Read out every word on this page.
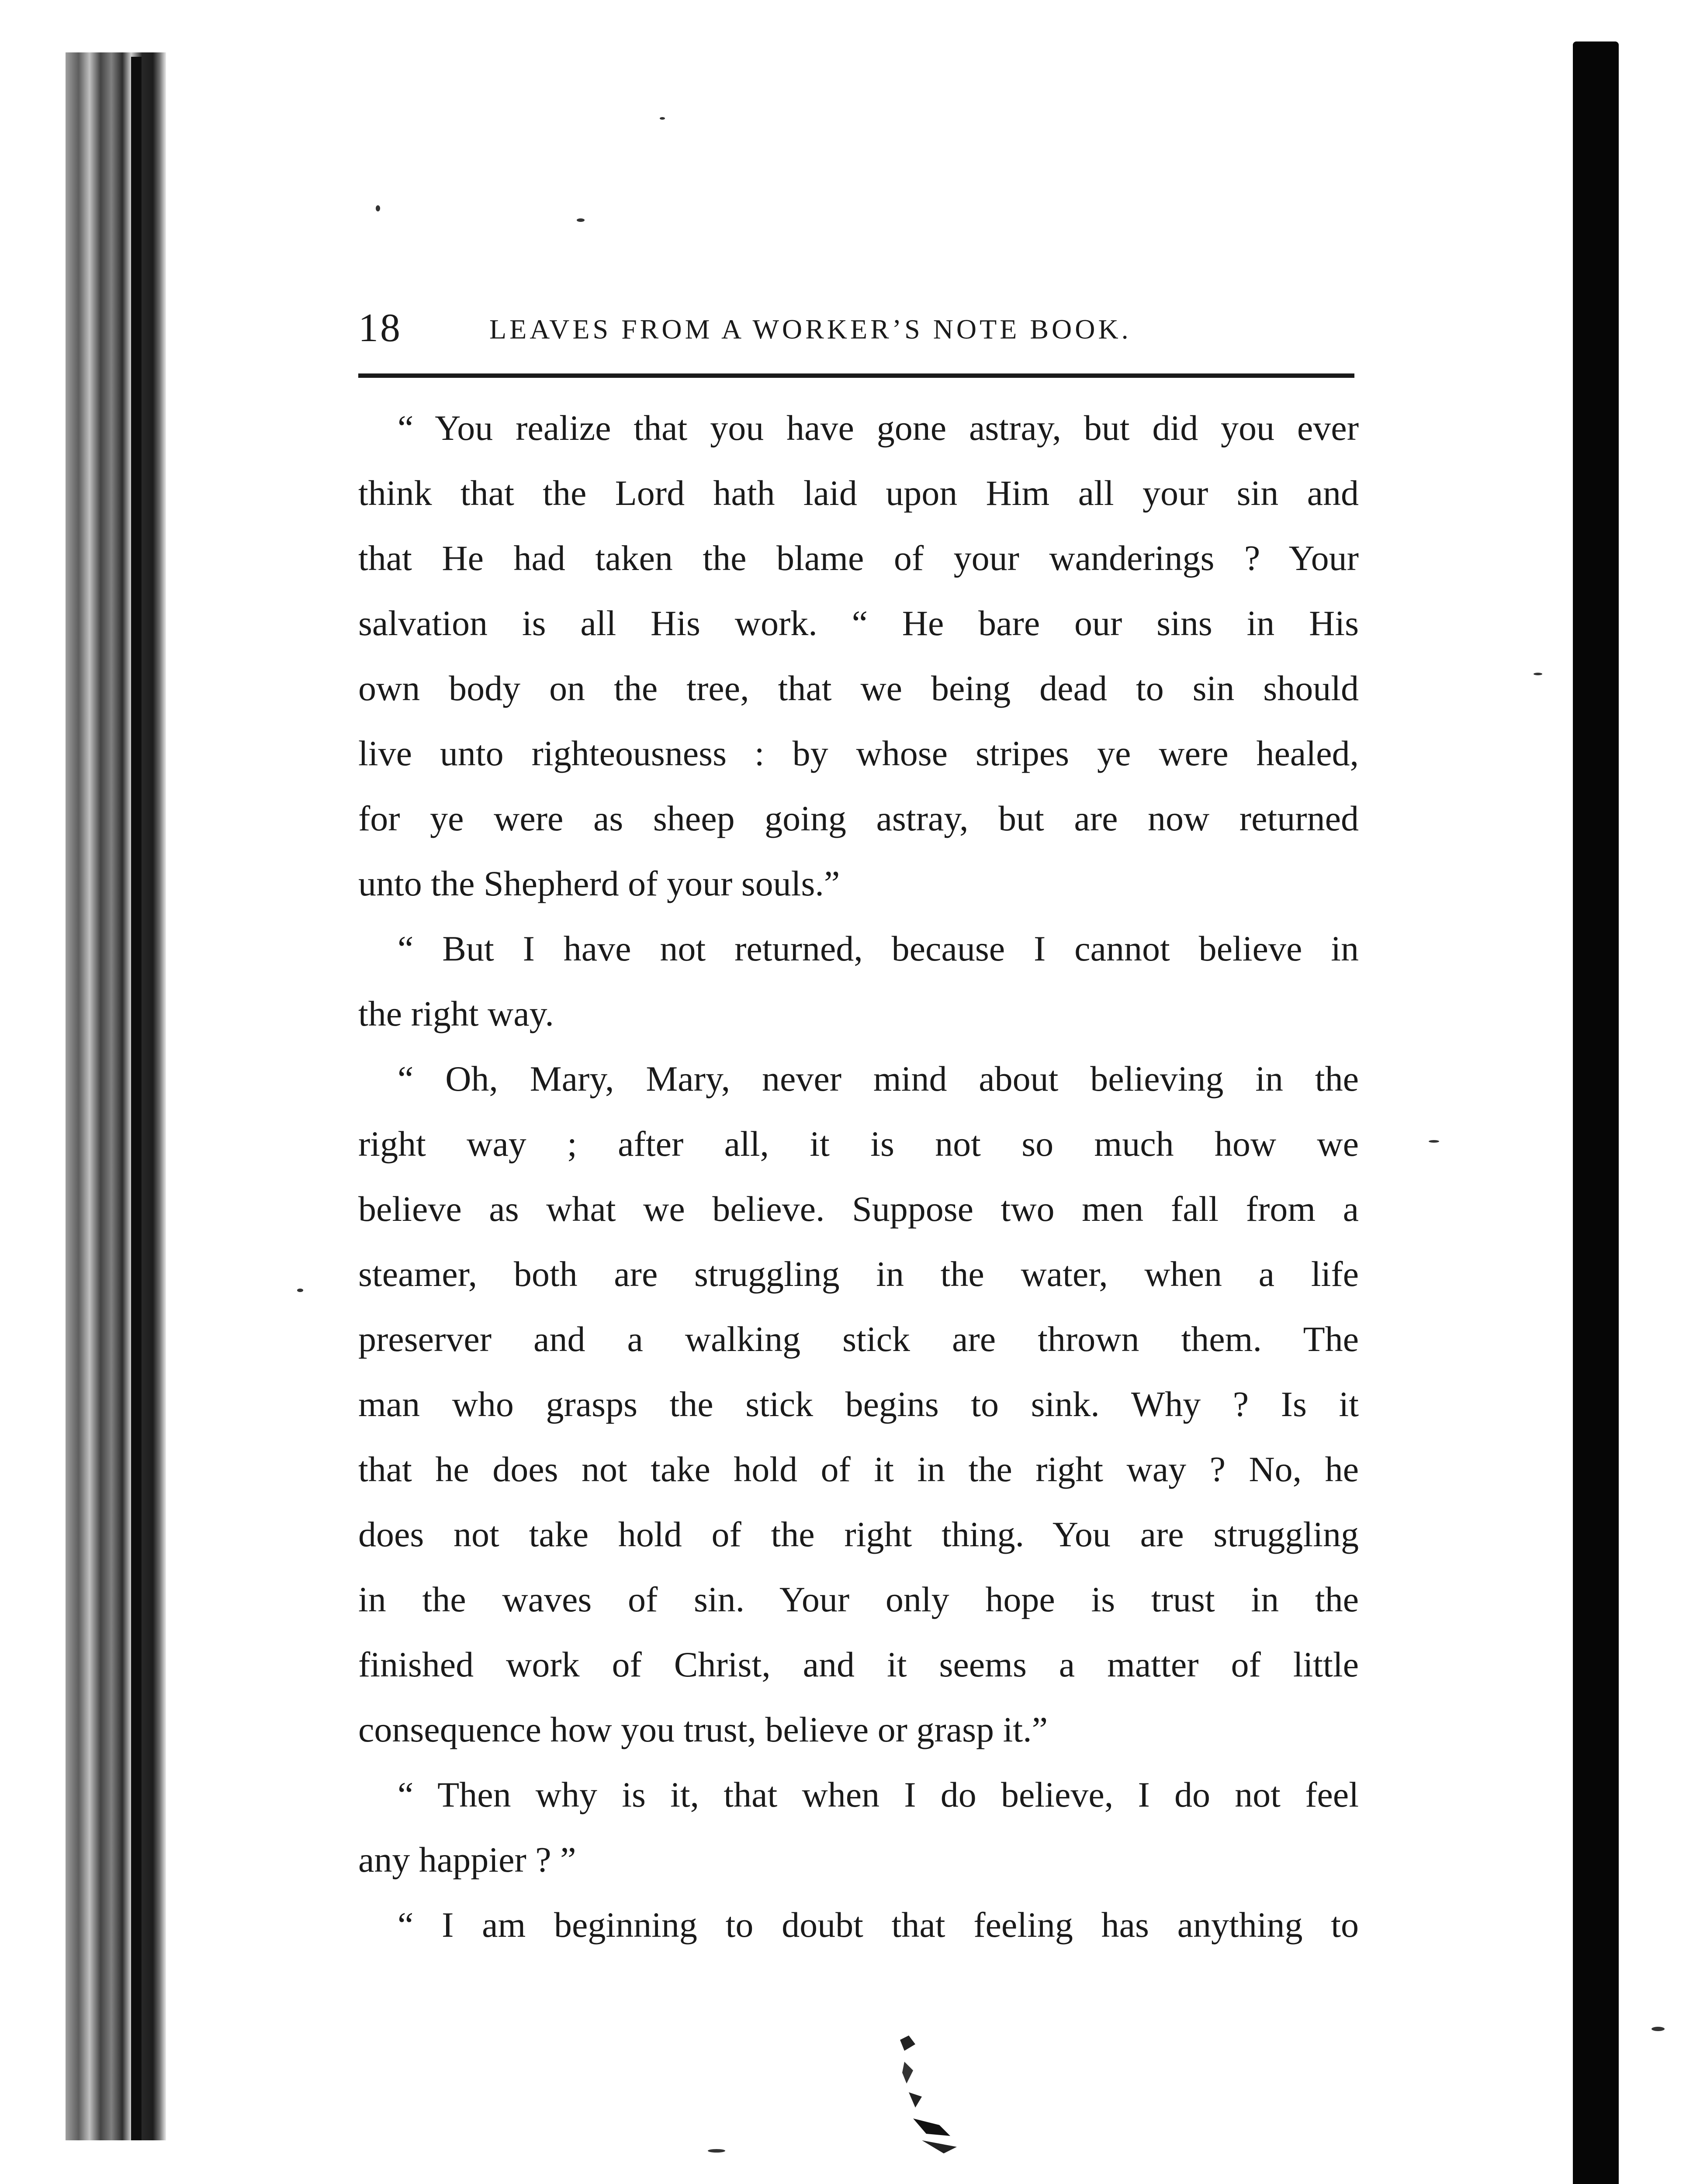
18	LEAVES FROM A WORKER’S NOTE BOOK.
“ You realize that you have gone astray, but did you ever
think that the Lord hath laid upon Him all your sin and
that He had taken the blame of your wanderings ? Your
salvation is all His work. “ He bare our sins in His
own body on the tree, that we being dead to sin should
live unto righteousness : by whose stripes ye were healed,
for ye were as sheep going astray, but are now returned
unto the Shepherd of your souls.”
“ But I have not returned, because I cannot believe in
the right way.
“ Oh, Mary, Mary, never mind about believing in the
right way ; after all, it is not so much how we
believe as what we believe. Suppose two men fall from a
steamer, both are struggling in the water, when a life
preserver and a walking stick are thrown them. The
man who grasps the stick begins to sink. Why ? Is it
that he does not take hold of it in the right way ? No, he
does not take hold of the right thing. You are struggling
in the waves of sin. Your only hope is trust in the
finished work of Christ, and it seems a matter of little
consequence how you trust, believe or grasp it.”
“ Then why is it, that when I do believe, I do not feel
any happier ? ”
“ I am beginning to doubt that feeling has anything to
